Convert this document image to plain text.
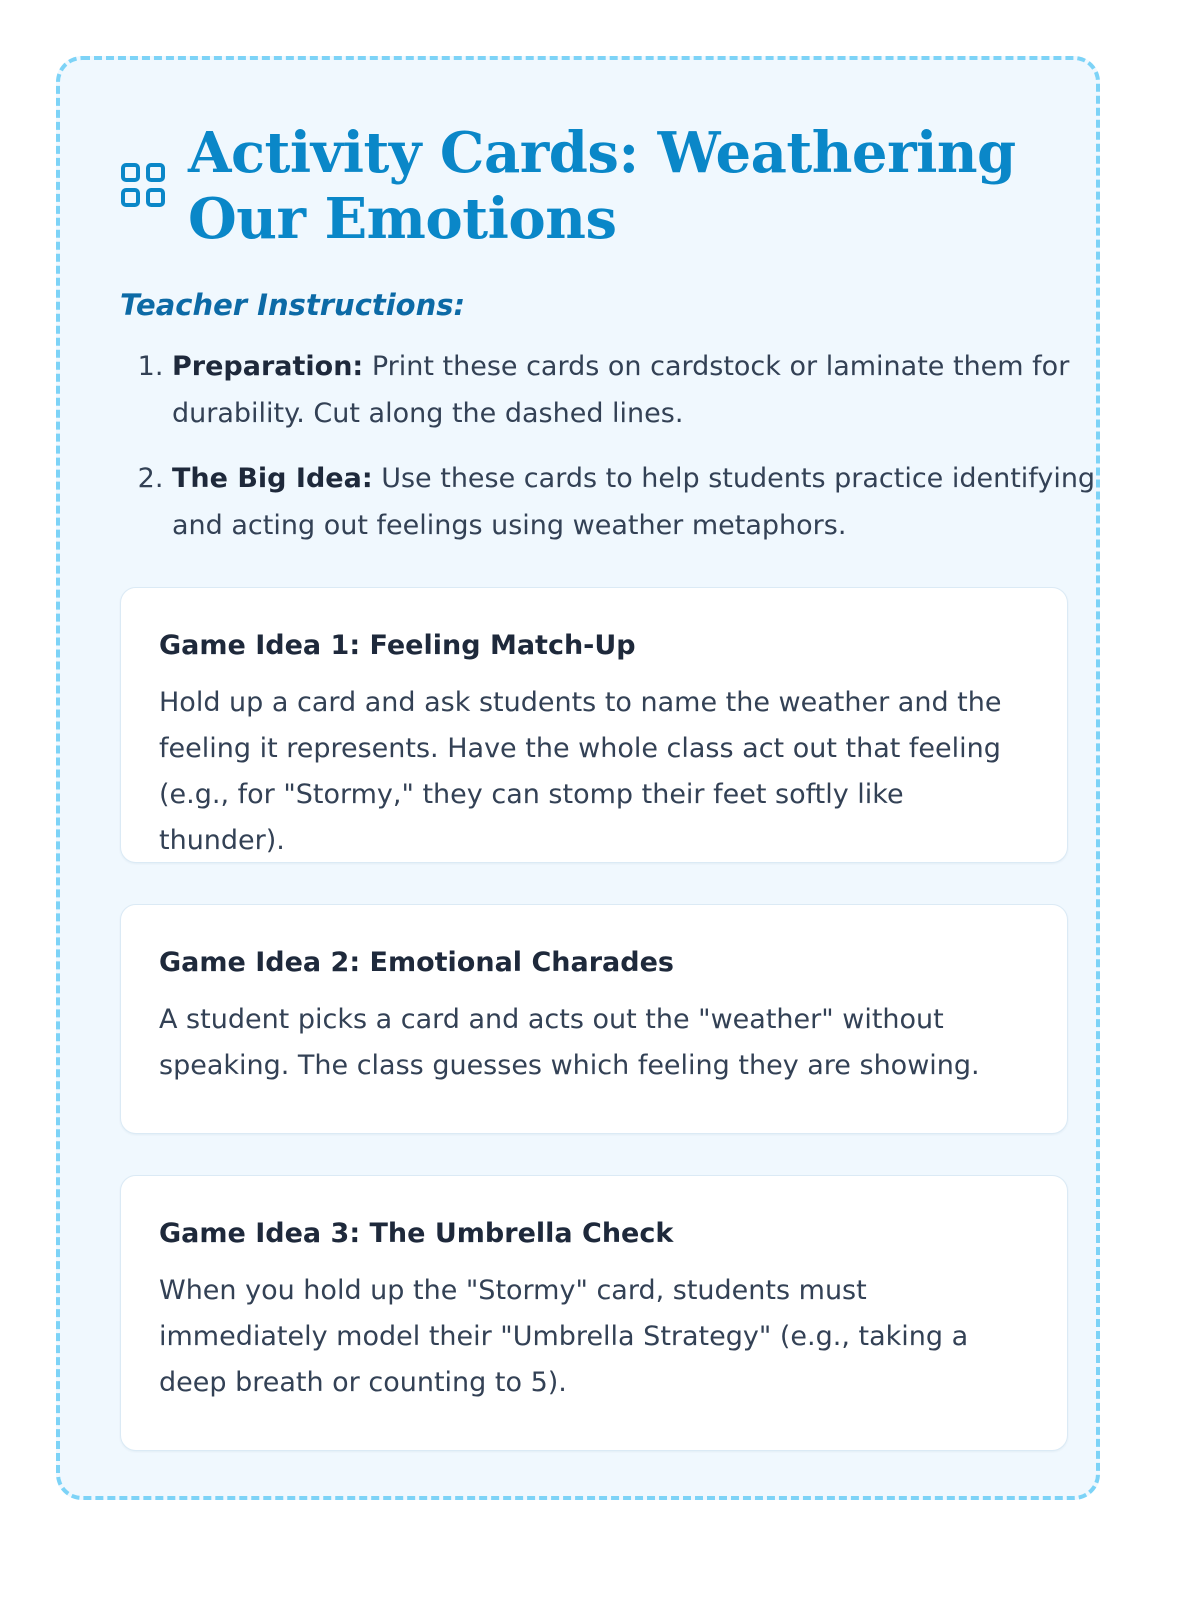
Activity Cards: Weathering Our Emotions
Teacher Instructions:
1. Preparation: Print these cards on cardstock or laminate them for durability. Cut along the dashed lines.
2. The Big Idea: Use these cards to help students practice identifying and acting out feelings using weather metaphors.
Game Idea 1: Feeling Match-Up

Hold up a card and ask students to name the weather and the feeling it represents. Have the whole class act out that feeling (e.g., for "Stormy," they can stomp their feet softly like thunder).

Game Idea 2: Emotional Charades

A student picks a card and acts out the "weather" without speaking. The class guesses which feeling they are showing.

Game Idea 3: The Umbrella Check

When you hold up the "Stormy" card, students must immediately model their "Umbrella Strategy" (e.g., taking a deep breath or counting to 5).
